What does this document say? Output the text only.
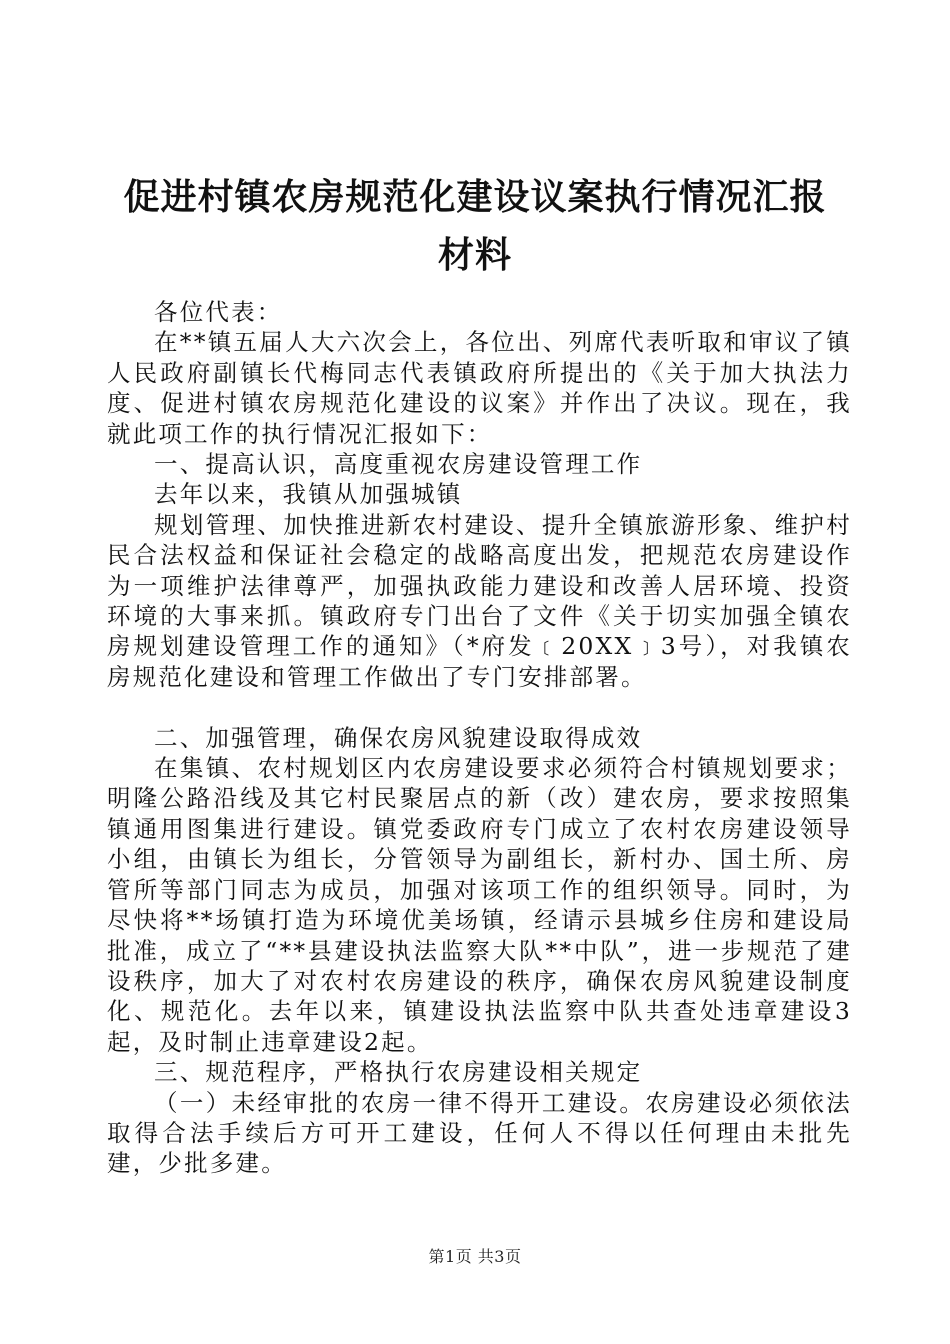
促进村镇农房规范化建设议案执行情况汇报材料

各位代表：

在**镇五届人大六次会上，各位出、列席代表听取和审议了镇人民政府副镇长代梅同志代表镇政府所提出的《关于加大执法力度、促进村镇农房规范化建设的议案》并作出了决议。现在，我就此项工作的执行情况汇报如下：

一、提高认识，高度重视农房建设管理工作

去年以来，我镇从加强城镇

规划管理、加快推进新农村建设、提升全镇旅游形象、维护村民合法权益和保证社会稳定的战略高度出发，把规范农房建设作为一项维护法律尊严，加强执政能力建设和改善人居环境、投资环境的大事来抓。镇政府专门出台了文件《关于切实加强全镇农房规划建设管理工作的通知》（*府发﹝20XX﹞3号），对我镇农房规范化建设和管理工作做出了专门安排部署。

二、加强管理，确保农房风貌建设取得成效

在集镇、农村规划区内农房建设要求必须符合村镇规划要求；明隆公路沿线及其它村民聚居点的新（改）建农房，要求按照集镇通用图集进行建设。镇党委政府专门成立了农村农房建设领导小组，由镇长为组长，分管领导为副组长，新村办、国土所、房管所等部门同志为成员，加强对该项工作的组织领导。同时，为尽快将**场镇打造为环境优美场镇，经请示县城乡住房和建设局批准，成立了“**县建设执法监察大队**中队”，进一步规范了建设秩序，加大了对农村农房建设的秩序，确保农房风貌建设制度化、规范化。去年以来，镇建设执法监察中队共查处违章建设3起，及时制止违章建设2起。

三、规范程序，严格执行农房建设相关规定

（一）未经审批的农房一律不得开工建设。农房建设必须依法取得合法手续后方可开工建设，任何人不得以任何理由未批先建，少批多建。

第1页 共3页
